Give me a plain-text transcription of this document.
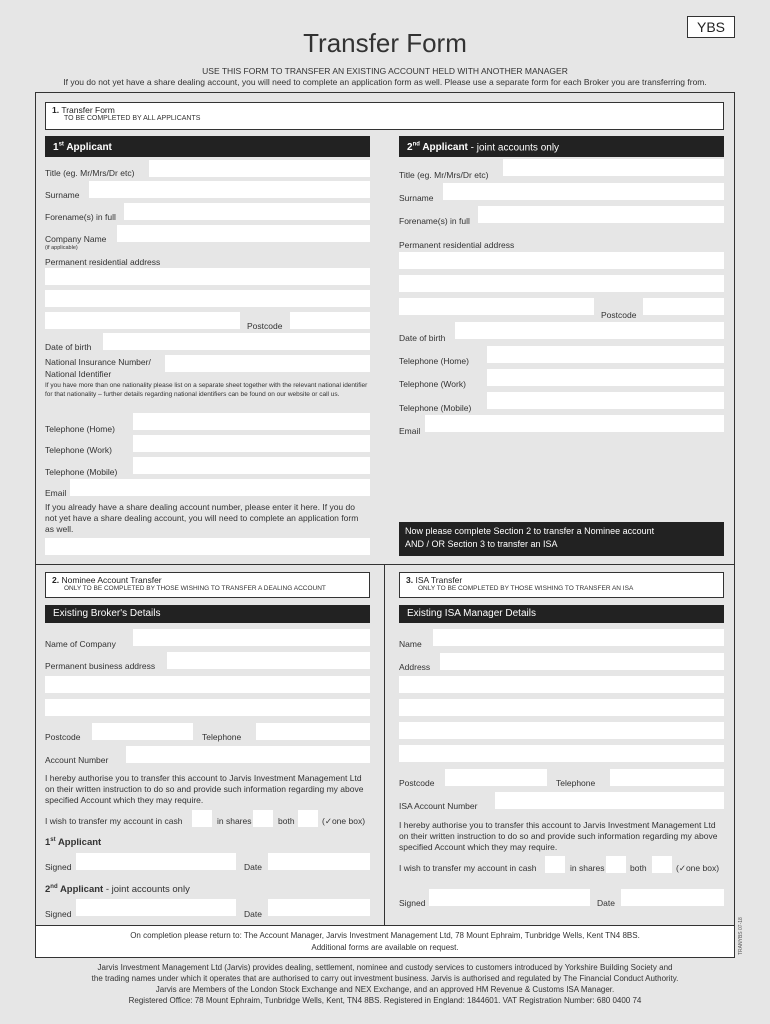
YBS
Transfer Form
USE THIS FORM TO TRANSFER AN EXISTING ACCOUNT HELD WITH ANOTHER MANAGER
If you do not yet have a share dealing account, you will need to complete an application form as well. Please use a separate form for each Broker you are transferring from.
1. Transfer Form
TO BE COMPLETED BY ALL APPLICANTS
1st Applicant
Title (eg. Mr/Mrs/Dr etc)
Surname
Forename(s) in full
Company Name
(if applicable)
Permanent residential address
Postcode
Date of birth
National Insurance Number/
National Identifier
If you have more than one nationality please list on a separate sheet together with the relevant national identifier for that nationality – further details regarding national identifiers can be found on our website or call us.
Telephone (Home)
Telephone (Work)
Telephone (Mobile)
Email
If you already have a share dealing account number, please enter it here. If you do not yet have a share dealing account, you will need to complete an application form as well.
2nd Applicant - joint accounts only
Title (eg. Mr/Mrs/Dr etc)
Surname
Forename(s) in full
Permanent residential address
Postcode
Date of birth
Telephone (Home)
Telephone (Work)
Telephone (Mobile)
Email
Now please complete Section 2 to transfer a Nominee account
AND / OR Section 3 to transfer an ISA
2. Nominee Account Transfer
ONLY TO BE COMPLETED BY THOSE WISHING TO TRANSFER A DEALING ACCOUNT
Existing Broker's Details
Name of Company
Permanent business address
Postcode	Telephone
Account Number
I hereby authorise you to transfer this account to Jarvis Investment Management Ltd on their written instruction to do so and provide such information regarding my above specified Account which they may require.
I wish to transfer my account in cash	in shares	both	(✓one box)
1st Applicant
Signed	Date
2nd Applicant - joint accounts only
Signed	Date
3. ISA Transfer
ONLY TO BE COMPLETED BY THOSE WISHING TO TRANSFER AN ISA
Existing ISA Manager Details
Name
Address
Postcode	Telephone
ISA Account Number
I hereby authorise you to transfer this account to Jarvis Investment Management Ltd on their written instruction to do so and provide such information regarding my above specified Account which they may require.
I wish to transfer my account in cash	in shares	both	(✓one box)
Signed	Date
On completion please return to: The Account Manager, Jarvis Investment Management Ltd, 78 Mount Ephraim, Tunbridge Wells, Kent TN4 8BS.
Additional forms are available on request.	TRANYBS 07-18
Jarvis Investment Management Ltd (Jarvis) provides dealing, settlement, nominee and custody services to customers introduced by Yorkshire Building Society and
the trading names under which it operates that are authorised to carry out investment business. Jarvis is authorised and regulated by The Financial Conduct Authority.
Jarvis are Members of the London Stock Exchange and NEX Exchange, and an approved HM Revenue & Customs ISA Manager.
Registered Office: 78 Mount Ephraim, Tunbridge Wells, Kent, TN4 8BS. Registered in England: 1844601. VAT Registration Number: 680 0400 74
